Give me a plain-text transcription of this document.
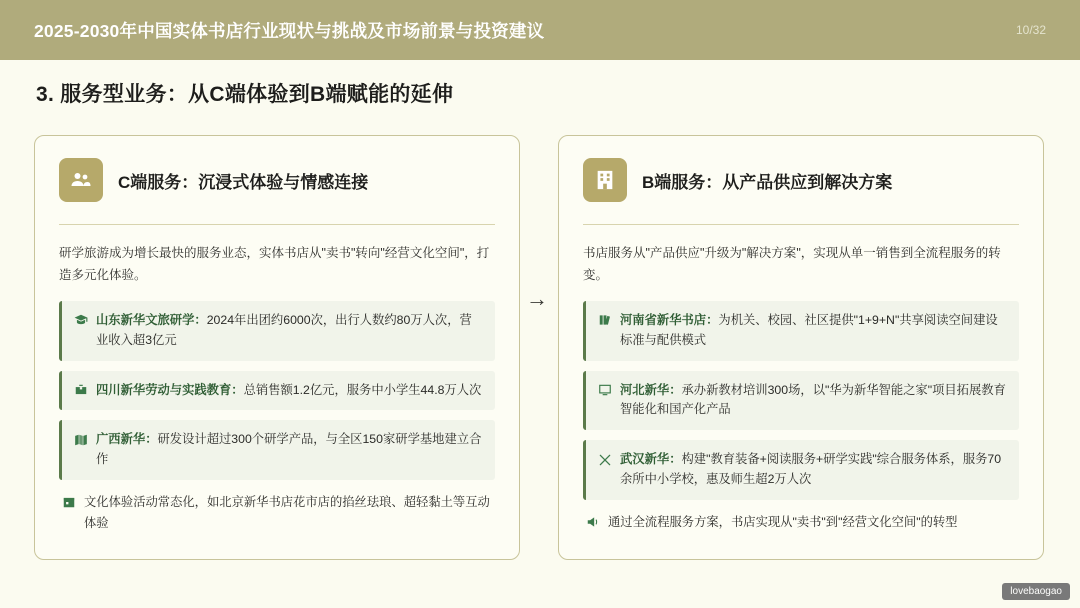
2025-2030年中国实体书店行业现状与挑战及市场前景与投资建议	10/32
3. 服务型业务：从C端体验到B端赋能的延伸
C端服务：沉浸式体验与情感连接
研学旅游成为增长最快的服务业态，实体书店从"卖书"转向"经营文化空间"，打造多元化体验。
山东新华文旅研学：2024年出团约6000次，出行人数约80万人次，营业收入超3亿元
四川新华劳动与实践教育：总销售额1.2亿元，服务中小学生44.8万人次
广西新华：研发设计超过300个研学产品，与全区150家研学基地建立合作
文化体验活动常态化，如北京新华书店花市店的掐丝珐琅、超轻黏土等互动体验
→
B端服务：从产品供应到解决方案
书店服务从"产品供应"升级为"解决方案"，实现从单一销售到全流程服务的转变。
河南省新华书店：为机关、校园、社区提供"1+9+N"共享阅读空间建设标准与配供模式
河北新华：承办新教材培训300场，以"华为新华智能之家"项目拓展教育智能化和国产化产品
武汉新华：构建"教育装备+阅读服务+研学实践"综合服务体系，服务70余所中小学校，惠及师生超2万人次
通过全流程服务方案，书店实现从"卖书"到"经营文化空间"的转型
lovebaogao
